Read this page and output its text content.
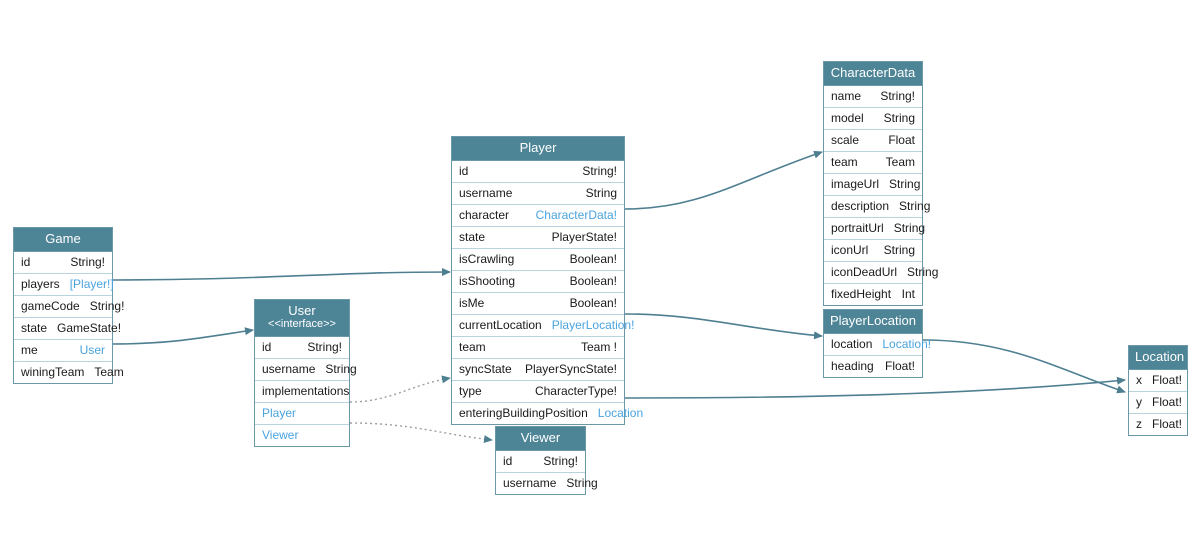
Game
id	String!
players [Player!]
gameCode String!
state GameState!
me	User
winingTeam Team
User
<<interface>>
id	String!
username String
implementations
Player
Viewer
Player
id	String!
username	String
character	CharacterData!
state	PlayerState!
isCrawling	Boolean!
isShooting	Boolean!
isMe	Boolean!
currentLocation PlayerLocation!
team	Team !
syncState	PlayerSyncState!
type	CharacterType!
enteringBuildingPosition Location
Viewer
id	String!
username String
CharacterData
name	String!
model	String
scale	Float
team	Team
imageUrl String
description String
portraitUrl String
iconUrl	String
iconDeadUrl String
fixedHeight Int
PlayerLocation
location Location!
heading Float!
Location
x Float!
y Float!
z Float!
